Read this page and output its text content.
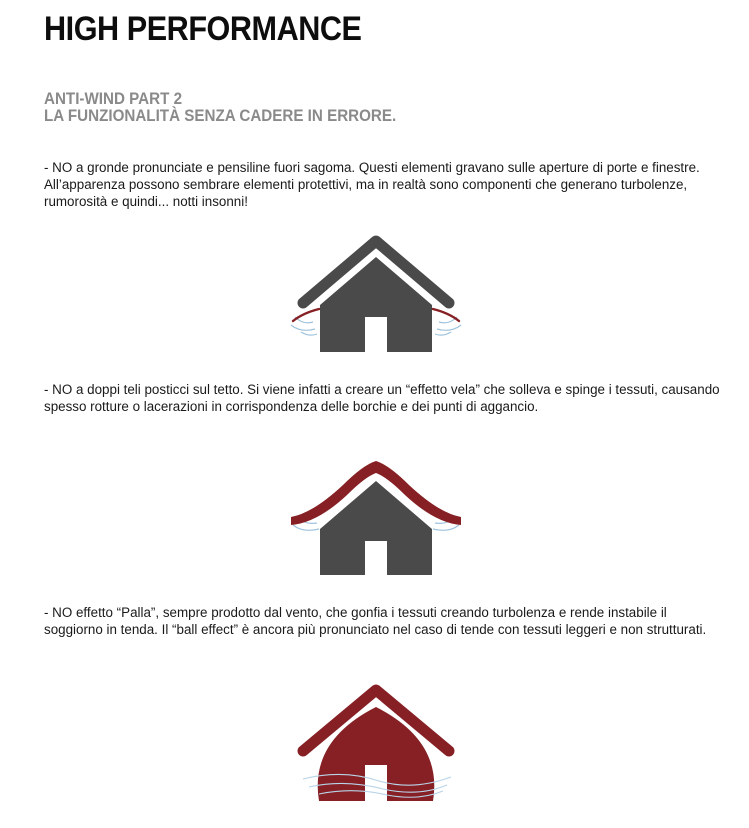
HIGH PERFORMANCE
ANTI-WIND PART 2
LA FUNZIONALITÀ SENZA CADERE IN ERRORE.

- NO a gronde pronunciate e pensiline fuori sagoma. Questi elementi gravano sulle aperture di porte e finestre. All’apparenza possono sembrare elementi protettivi, ma in realtà sono componenti che generano turbolenze, rumorosità e quindi... notti insonni!

- NO a doppi teli posticci sul tetto. Si viene infatti a creare un “effetto vela” che solleva e spinge i tessuti, causando spesso rotture o lacerazioni in corrispondenza delle borchie e dei punti di aggancio.

- NO effetto “Palla”, sempre prodotto dal vento, che gonfia i tessuti creando turbolenza e rende instabile il soggiorno in tenda. Il “ball effect” è ancora più pronunciato nel caso di tende con tessuti leggeri e non strutturati.
